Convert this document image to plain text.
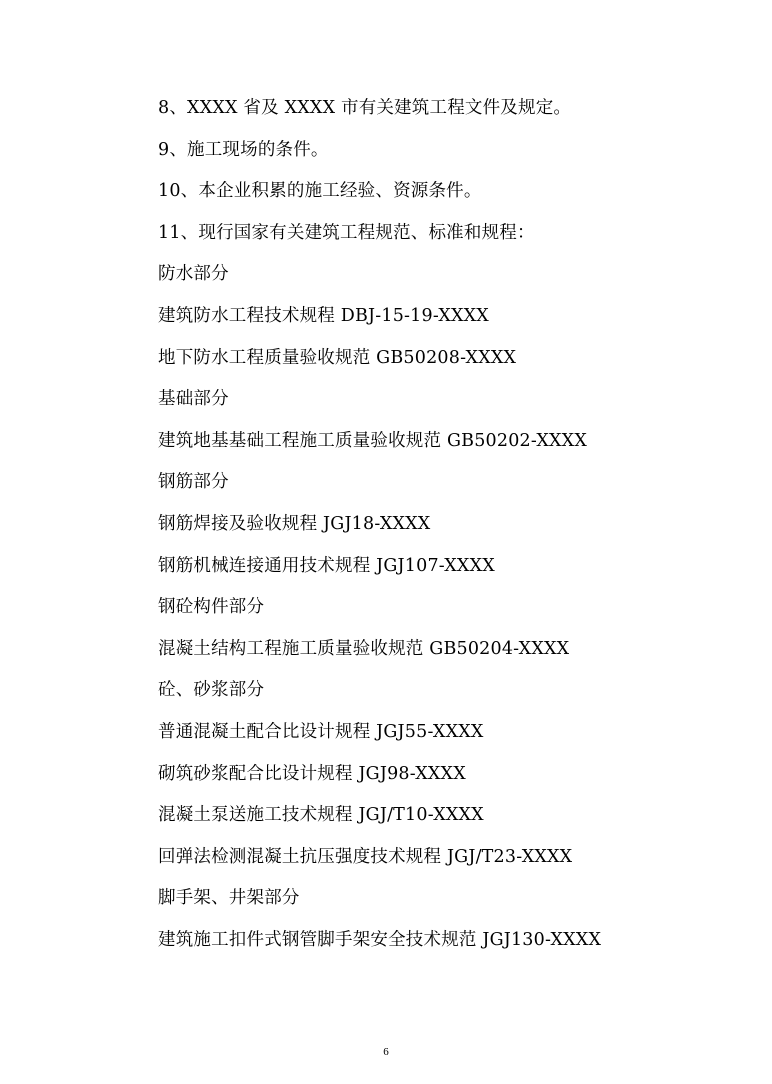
8、XXXX 省及 XXXX 市有关建筑工程文件及规定。
9、施工现场的条件。
10、本企业积累的施工经验、资源条件。
11、现行国家有关建筑工程规范、标准和规程：
防水部分
建筑防水工程技术规程 DBJ-15-19-XXXX
地下防水工程质量验收规范 GB50208-XXXX
基础部分
建筑地基基础工程施工质量验收规范 GB50202-XXXX
钢筋部分
钢筋焊接及验收规程 JGJ18-XXXX
钢筋机械连接通用技术规程 JGJ107-XXXX
钢砼构件部分
混凝土结构工程施工质量验收规范 GB50204-XXXX
砼、砂浆部分
普通混凝土配合比设计规程 JGJ55-XXXX
砌筑砂浆配合比设计规程 JGJ98-XXXX
混凝土泵送施工技术规程 JGJ/T10-XXXX
回弹法检测混凝土抗压强度技术规程 JGJ/T23-XXXX
脚手架、井架部分
建筑施工扣件式钢管脚手架安全技术规范 JGJ130-XXXX
6
